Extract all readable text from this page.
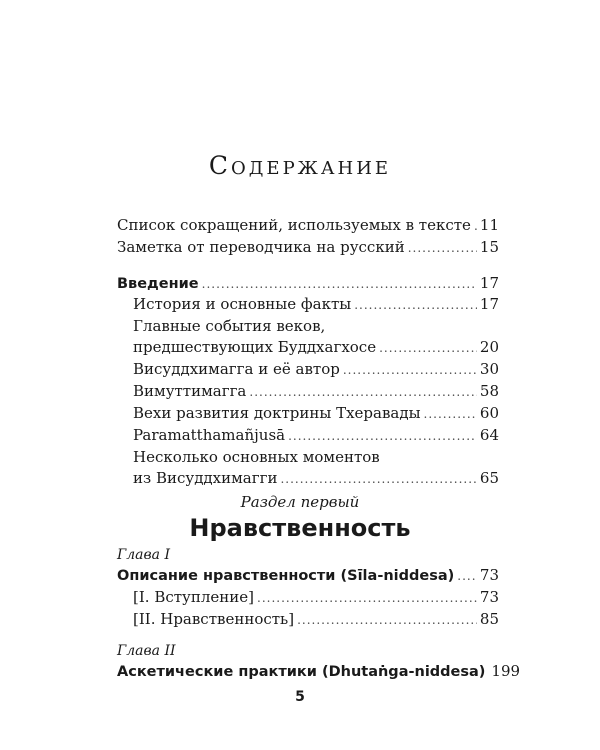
Содержание
Список сокращений, используемых в тексте ..... 11
Заметка от переводчика на русский .....	15
Введение .....	17
История и основные факты .....	17
Главные события веков,
предшествующих Буддхагхосе .....	20
Висуддхимагга и её автор .....	30
Вимуттимагга .....	58
Вехи развития доктрины Тхеравады .....	60
Paramatthamañjusā .....	64
Несколько основных моментов
из Висуддхимагги .....	65
Раздел первый
Нравственность
Глава I
Описание нравственности (Sīla-niddesa) ..... 73
[I. Вступление] .....	73
[II. Нравственность] .....	85
Глава II
Аскетические практики (Dhutaṅga-niddesa) 199
5
